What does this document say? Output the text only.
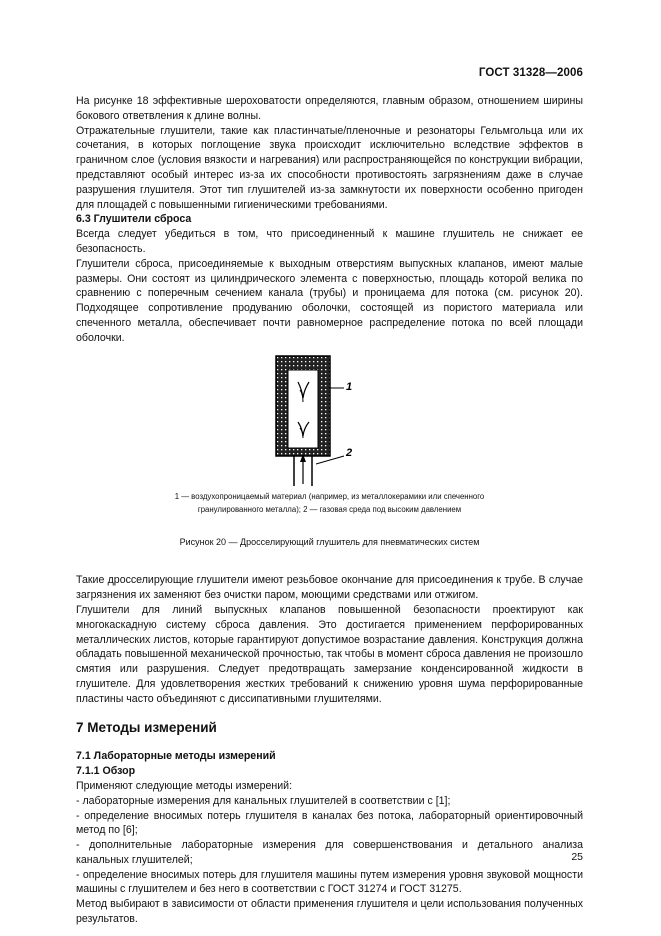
ГОСТ 31328—2006

На рисунке 18 эффективные шероховатости определяются, главным образом, отношением ширины бокового ответвления к длине волны.

Отражательные глушители, такие как пластинчатые/пленочные и резонаторы Гельмгольца или их сочетания, в которых поглощение звука происходит исключительно вследствие эффектов в граничном слое (условия вязкости и нагревания) или распространяющейся по конструкции вибрации, представляют особый интерес из-за их способности противостоять загрязнениям даже в случае разрушения глушителя. Этот тип глушителей из-за замкнутости их поверхности особенно пригоден для площадей с повышенными гигиеническими требованиями.

6.3 Глушители сброса

Всегда следует убедиться в том, что присоединенный к машине глушитель не снижает ее безопасность.

Глушители сброса, присоединяемые к выходным отверстиям выпускных клапанов, имеют малые размеры. Они состоят из цилиндрического элемента с поверхностью, площадь которой велика по сравнению с поперечным сечением канала (трубы) и проницаема для потока (см. рисунок 20). Подходящее сопротивление продуванию оболочки, состоящей из пористого материала или спеченного металла, обеспечивает почти равномерное распределение потока по всей площади оболочки.

1
2

1 — воздухопроницаемый материал (например, из металлокерамики или спеченного

гранулированного металла); 2 — газовая среда под высоким давлением

Рисунок 20 — Дросселирующий глушитель для пневматических систем

Такие дросселирующие глушители имеют резьбовое окончание для присоединения к трубе. В случае загрязнения их заменяют без очистки паром, моющими средствами или отжигом.

Глушители для линий выпускных клапанов повышенной безопасности проектируют как многокаскадную систему сброса давления. Это достигается применением перфорированных металлических листов, которые гарантируют допустимое возрастание давления. Конструкция должна обладать повышенной механической прочностью, так чтобы в момент сброса давления не произошло смятия или разрушения. Следует предотвращать замерзание конденсированной жидкости в глушителе. Для удовлетворения жестких требований к снижению уровня шума перфорированные пластины часто объединяют с диссипативными глушителями.

7 Методы измерений

7.1 Лабораторные методы измерений

7.1.1 Обзор

Применяют следующие методы измерений:

- лабораторные измерения для канальных глушителей в соответствии с [1];

- определение вносимых потерь глушителя в каналах без потока, лабораторный ориентировочный метод по [6];

- дополнительные лабораторные измерения для совершенствования и детального анализа канальных глушителей;

- определение вносимых потерь для глушителя машины путем измерения уровня звуковой мощности машины с глушителем и без него в соответствии с ГОСТ 31274 и ГОСТ 31275.

Метод выбирают в зависимости от области применения глушителя и цели использования полученных результатов.

25
